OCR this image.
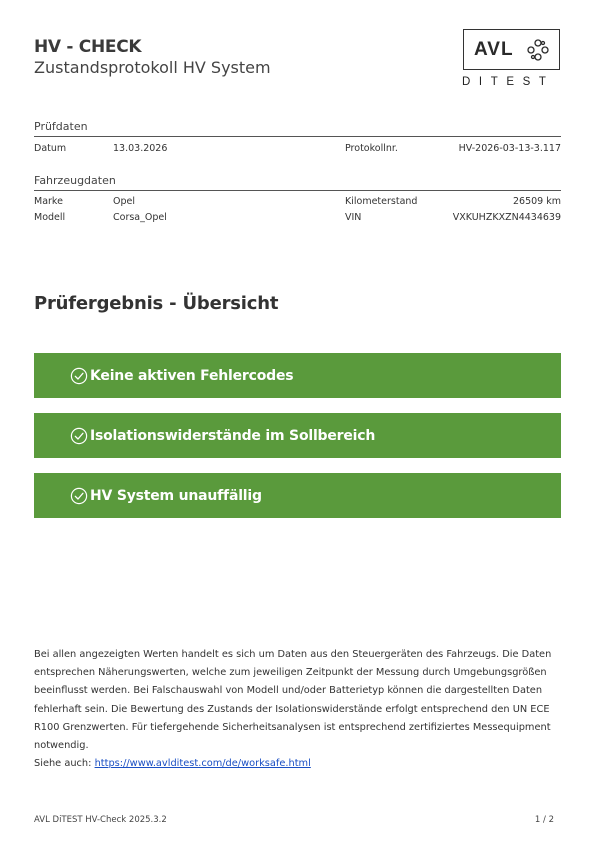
HV - CHECK
Zustandsprotokoll HV System
AVL
DITEST
Prüfdaten
Datum	13.03.2026	Protokollnr.	HV-2026-03-13-3.117
Fahrzeugdaten
Marke	Opel	Kilometerstand	26509 km
Modell	Corsa_Opel	VIN	VXKUHZKXZN4434639
Prüfergebnis - Übersicht
Keine aktiven Fehlercodes
Isolationswiderstände im Sollbereich
HV System unauffällig
Bei allen angezeigten Werten handelt es sich um Daten aus den Steuergeräten des Fahrzeugs. Die Daten entsprechen Näherungswerten, welche zum jeweiligen Zeitpunkt der Messung durch Umgebungsgrößen beeinflusst werden. Bei Falschauswahl von Modell und/oder Batterietyp können die dargestellten Daten fehlerhaft sein. Die Bewertung des Zustands der Isolationswiderstände erfolgt entsprechend den UN ECE R100 Grenzwerten. Für tiefergehende Sicherheitsanalysen ist entsprechend zertifiziertes Messequipment notwendig.
Siehe auch: https://www.avlditest.com/de/worksafe.html
AVL DiTEST HV-Check 2025.3.2	1 / 2
